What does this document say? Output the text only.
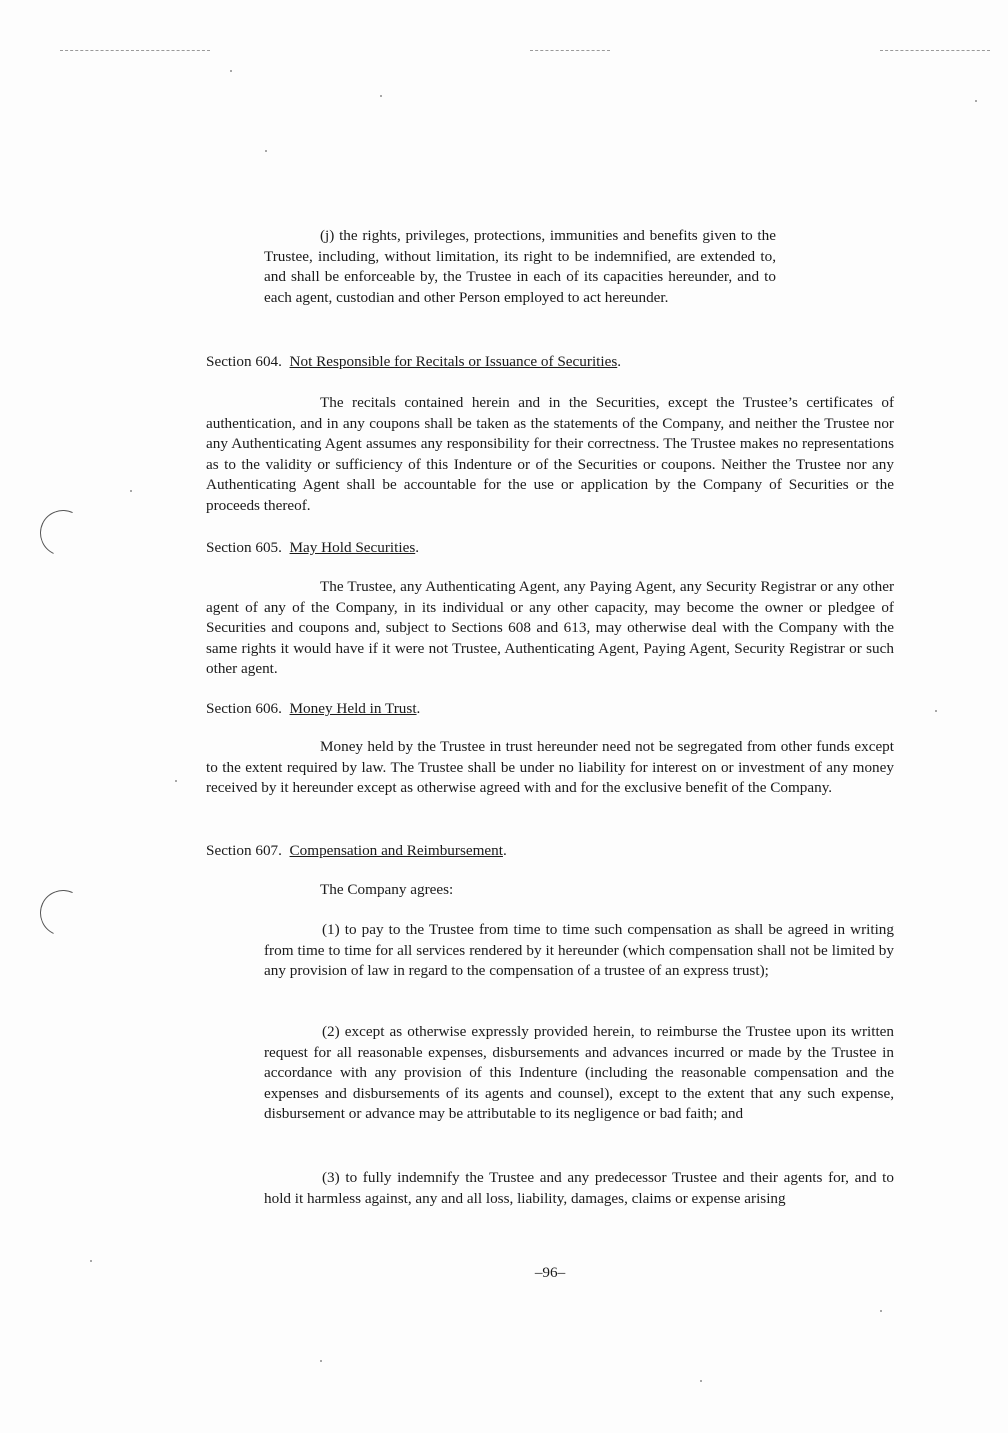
(j) the rights, privileges, protections, immunities and benefits given to the Trustee, including, without limitation, its right to be indemnified, are extended to, and shall be enforceable by, the Trustee in each of its capacities hereunder, and to each agent, custodian and other Person employed to act hereunder.

Section 604. Not Responsible for Recitals or Issuance of Securities.

The recitals contained herein and in the Securities, except the Trustee’s certificates of authentication, and in any coupons shall be taken as the statements of the Company, and neither the Trustee nor any Authenticating Agent assumes any responsibility for their correctness. The Trustee makes no representations as to the validity or sufficiency of this Indenture or of the Securities or coupons. Neither the Trustee nor any Authenticating Agent shall be accountable for the use or application by the Company of Securities or the proceeds thereof.

Section 605. May Hold Securities.

The Trustee, any Authenticating Agent, any Paying Agent, any Security Registrar or any other agent of any of the Company, in its individual or any other capacity, may become the owner or pledgee of Securities and coupons and, subject to Sections 608 and 613, may otherwise deal with the Company with the same rights it would have if it were not Trustee, Authenticating Agent, Paying Agent, Security Registrar or such other agent.

Section 606. Money Held in Trust.

Money held by the Trustee in trust hereunder need not be segregated from other funds except to the extent required by law. The Trustee shall be under no liability for interest on or investment of any money received by it hereunder except as otherwise agreed with and for the exclusive benefit of the Company.

Section 607. Compensation and Reimbursement.

The Company agrees:

(1) to pay to the Trustee from time to time such compensation as shall be agreed in writing from time to time for all services rendered by it hereunder (which compensation shall not be limited by any provision of law in regard to the compensation of a trustee of an express trust);

(2) except as otherwise expressly provided herein, to reimburse the Trustee upon its written request for all reasonable expenses, disbursements and advances incurred or made by the Trustee in accordance with any provision of this Indenture (including the reasonable compensation and the expenses and disbursements of its agents and counsel), except to the extent that any such expense, disbursement or advance may be attributable to its negligence or bad faith; and

(3) to fully indemnify the Trustee and any predecessor Trustee and their agents for, and to hold it harmless against, any and all loss, liability, damages, claims or expense arising

–96–
